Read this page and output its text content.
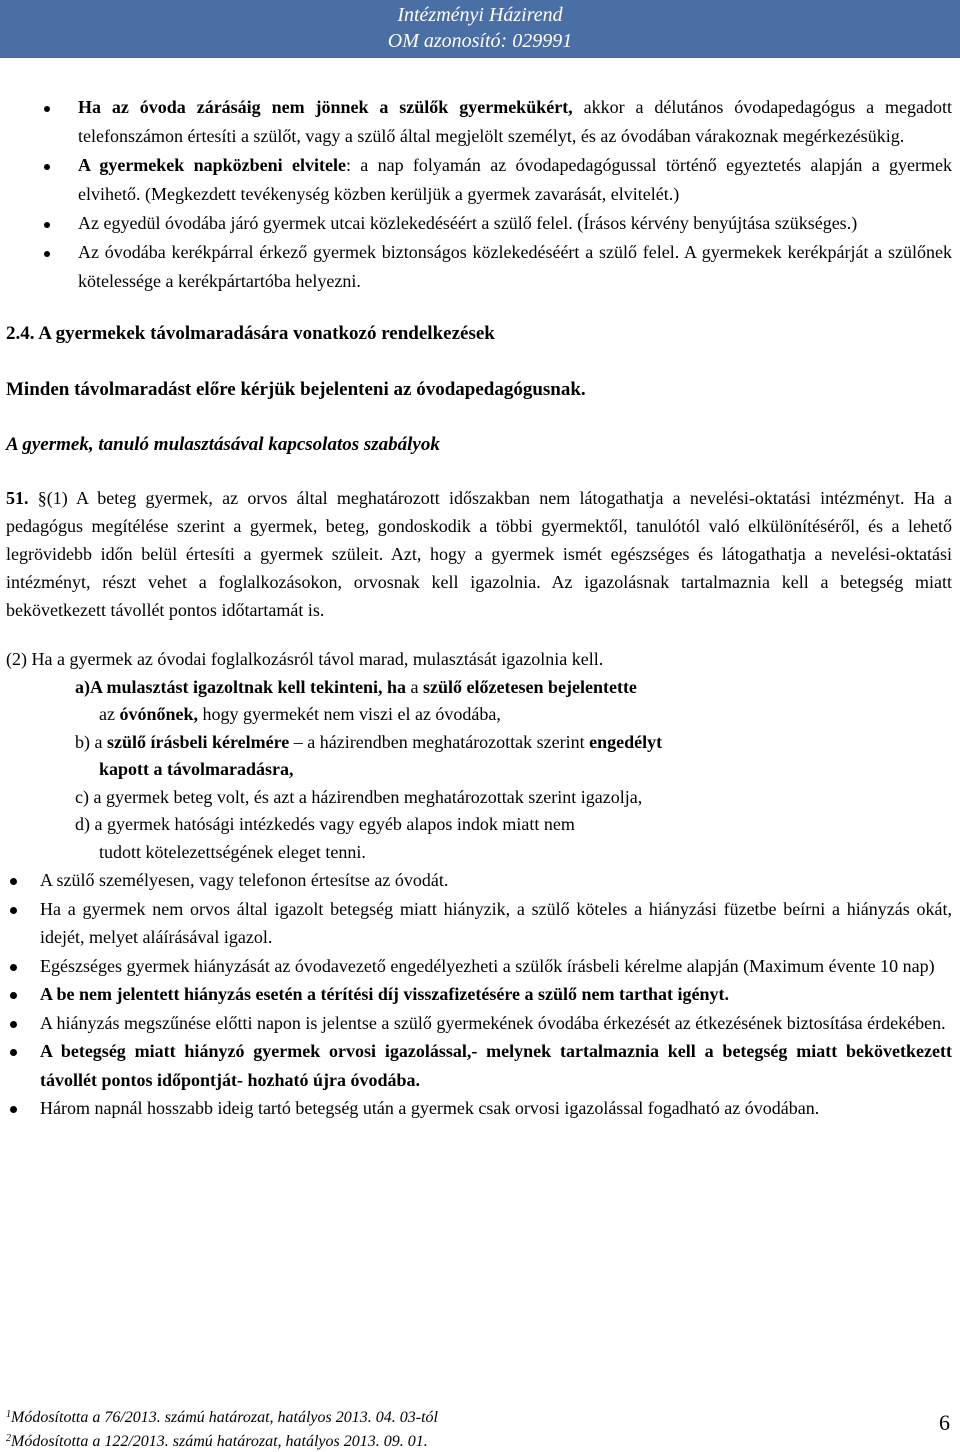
Intézményi Házirend
OM azonosító: 029991
Ha az óvoda zárásáig nem jönnek a szülők gyermekükért, akkor a délutános óvodapedagógus a megadott telefonszámon értesíti a szülőt, vagy a szülő által megjelölt személyt, és az óvodában várakoznak megérkezésükig.
A gyermekek napközbeni elvitele: a nap folyamán az óvodapedagógussal történő egyeztetés alapján a gyermek elvihető. (Megkezdett tevékenység közben kerüljük a gyermek zavarását, elvitelét.)
Az egyedül óvodába járó gyermek utcai közlekedéséért a szülő felel. (Írásos kérvény benyújtása szükséges.)
Az óvodába kerékpárral érkező gyermek biztonságos közlekedéséért a szülő felel. A gyermekek kerékpárját a szülőnek kötelessége a kerékpártartóba helyezni.
2.4. A gyermekek távolmaradására vonatkozó rendelkezések
Minden távolmaradást előre kérjük bejelenteni az óvodapedagógusnak.
A gyermek, tanuló mulasztásával kapcsolatos szabályok
51. §(1) A beteg gyermek, az orvos által meghatározott időszakban nem látogathatja a nevelési-oktatási intézményt. Ha a pedagógus megítélése szerint a gyermek, beteg, gondoskodik a többi gyermektől, tanulótól való elkülönítéséről, és a lehető legrövidebb időn belül értesíti a gyermek szüleit. Azt, hogy a gyermek ismét egészséges és látogathatja a nevelési-oktatási intézményt, részt vehet a foglalkozásokon, orvosnak kell igazolnia. Az igazolásnak tartalmaznia kell a betegség miatt bekövetkezett távollét pontos időtartamát is.
(2) Ha a gyermek az óvodai foglalkozásról távol marad, mulasztását igazolnia kell.
a)A mulasztást igazoltnak kell tekinteni, ha a szülő előzetesen bejelentette
az óvónőnek, hogy gyermekét nem viszi el az óvodába,
b) a szülő írásbeli kérelmére – a házirendben meghatározottak szerint engedélyt
kapott a távolmaradásra,
c) a gyermek beteg volt, és azt a házirendben meghatározottak szerint igazolja,
d) a gyermek hatósági intézkedés vagy egyéb alapos indok miatt nem
tudott kötelezettségének eleget tenni.
A szülő személyesen, vagy telefonon értesítse az óvodát.
Ha a gyermek nem orvos által igazolt betegség miatt hiányzik, a szülő köteles a hiányzási füzetbe beírni a hiányzás okát, idejét, melyet aláírásával igazol.
Egészséges gyermek hiányzását az óvodavezető engedélyezheti a szülők írásbeli kérelme alapján (Maximum évente 10 nap)
A be nem jelentett hiányzás esetén a térítési díj visszafizetésére a szülő nem tarthat igényt.
A hiányzás megszűnése előtti napon is jelentse a szülő gyermekének óvodába érkezését az étkezésének biztosítása érdekében.
A betegség miatt hiányzó gyermek orvosi igazolással,- melynek tartalmaznia kell a betegség miatt bekövetkezett távollét pontos időpontját- hozható újra óvodába.
Három napnál hosszabb ideig tartó betegség után a gyermek csak orvosi igazolással fogadható az óvodában.
$^1$Módosította a 76/2013. számú határozat, hatályos 2013. 04. 03-tól
$^2$Módosította a 122/2013. számú határozat, hatályos 2013. 09. 01.
6
